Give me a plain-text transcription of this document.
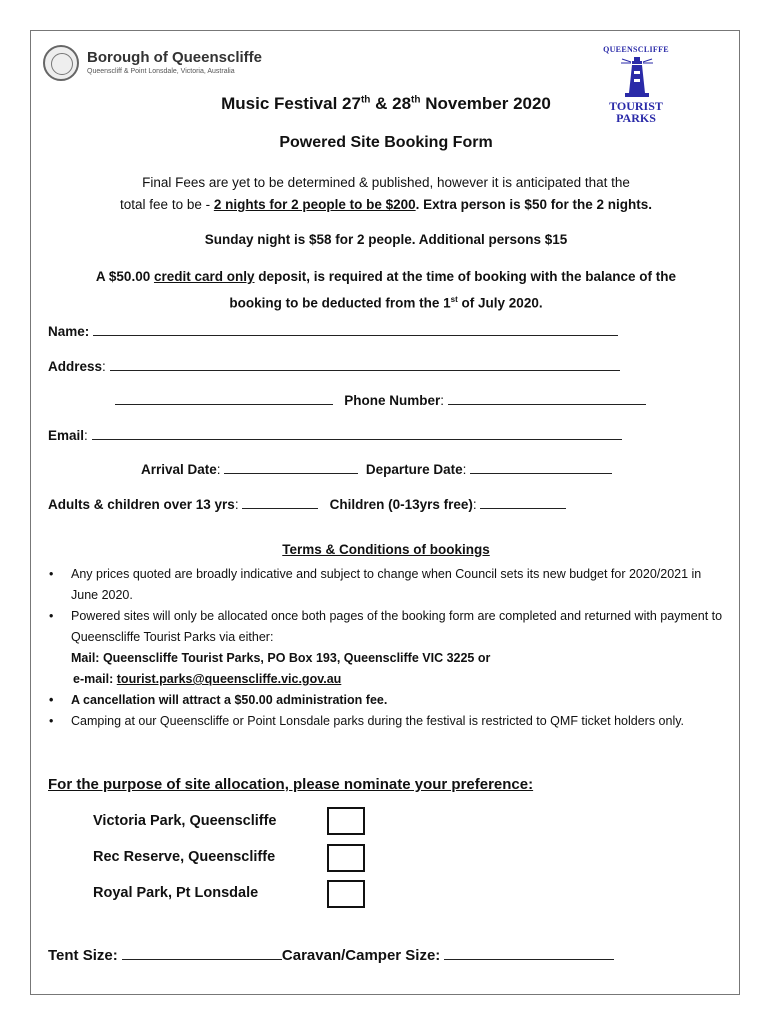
Borough of Queenscliffe
Queenscliff & Point Lonsdale, Victoria, Australia
QUEENSCLIFFE
TOURIST
PARKS
Music Festival 27th & 28th November 2020
Powered Site Booking Form
Final Fees are yet to be determined & published, however it is anticipated that the
total fee to be - 2 nights for 2 people to be $200. Extra person is $50 for the 2 nights.
Sunday night is $58 for 2 people. Additional persons $15
A $50.00 credit card only deposit, is required at the time of booking with the balance of the
booking to be deducted from the 1st of July 2020.
Name:
Address:
Phone Number:
Email:
Arrival Date:	Departure Date:
Adults & children over 13 yrs:	Children (0-13yrs free):
Terms & Conditions of bookings
• Any prices quoted are broadly indicative and subject to change when Council sets its new budget for 2020/2021 in June 2020.
• Powered sites will only be allocated once both pages of the booking form are completed and returned with payment to Queenscliffe Tourist Parks via either:
Mail: Queenscliffe Tourist Parks, PO Box 193, Queenscliffe VIC 3225 or
e-mail: tourist.parks@queenscliffe.vic.gov.au
• A cancellation will attract a $50.00 administration fee.
• Camping at our Queenscliffe or Point Lonsdale parks during the festival is restricted to QMF ticket holders only.
For the purpose of site allocation, please nominate your preference:
Victoria Park, Queenscliffe
Rec Reserve, Queenscliffe
Royal Park, Pt Lonsdale
Tent Size:	Caravan/Camper Size:
